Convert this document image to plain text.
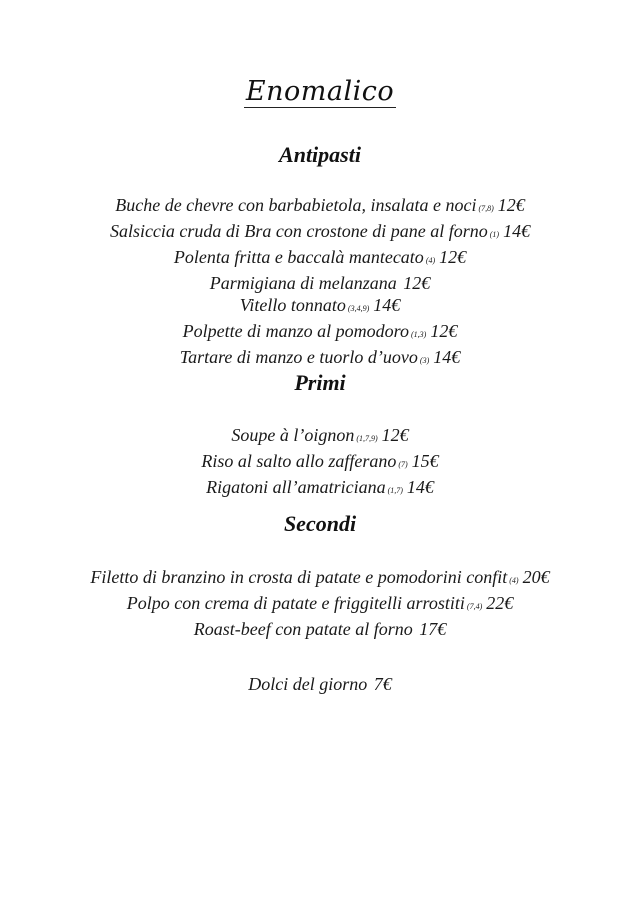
Enomalico
Antipasti
Buche de chevre con barbabietola, insalata e noci (7,8) 12€
Salsiccia cruda di Bra con crostone di pane al forno (1) 14€
Polenta fritta e baccalà mantecato (4) 12€
Parmigiana di melanzana 12€
Vitello tonnato (3,4,9) 14€
Polpette di manzo al pomodoro (1,3) 12€
Tartare di manzo e tuorlo d’uovo (3) 14€
Primi
Soupe à l’oignon (1,7,9) 12€
Riso al salto allo zafferano (7) 15€
Rigatoni all’amatriciana (1,7) 14€
Secondi
Filetto di branzino in crosta di patate e pomodorini confit (4) 20€
Polpo con crema di patate e friggitelli arrostiti (7,4) 22€
Roast-beef con patate al forno 17€
Dolci del giorno 7€
